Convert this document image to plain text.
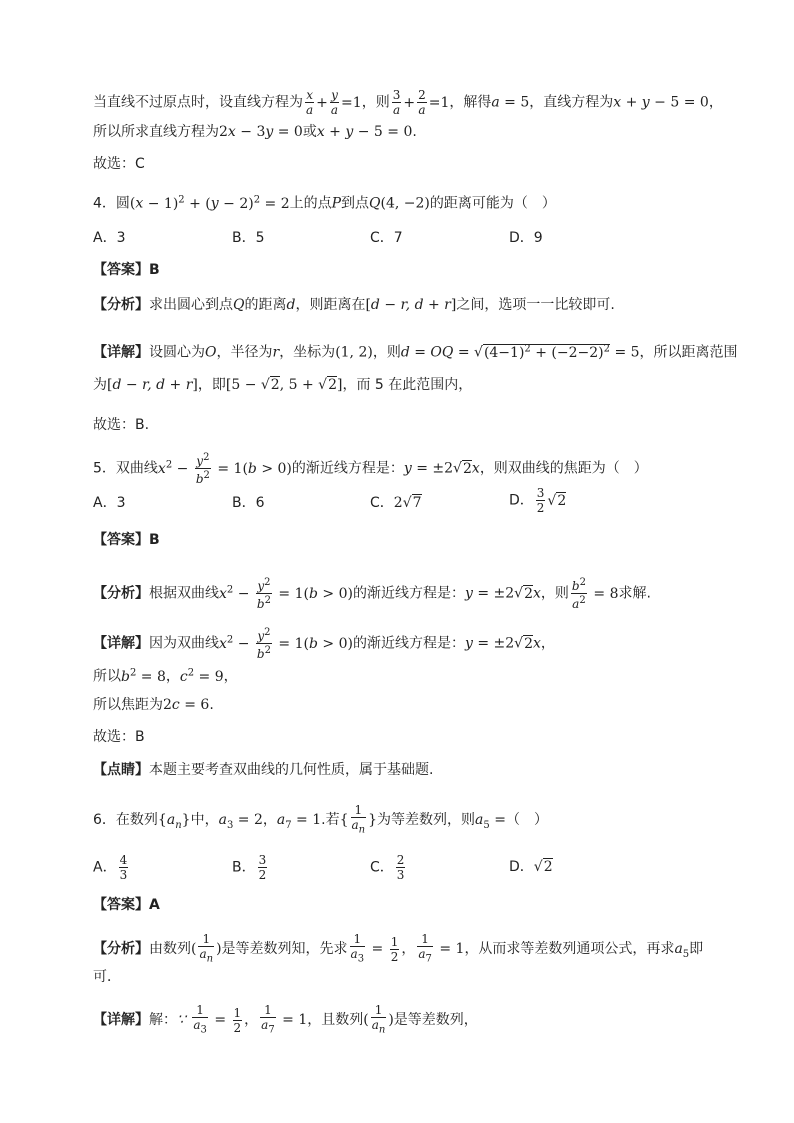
当直线不过原点时，设直线方程为 $\frac{x}{a} + \frac{y}{a} =1$，则 $\frac{3}{a} + \frac{2}{a} =1$，解得a = 5，直线方程为x + y − 5 = 0，
所以所求直线方程为2x − 3y = 0或x + y − 5 = 0.
故选：C
4．圆$(x - 1)^2 + (y - 2)^2 = 2$上的点P到点Q(4, −2)的距离可能为（　）
A．3	B．5	C．7	D．9
【答案】B
【分析】求出圆心到点Q的距离d，则距离在[d − r, d + r]之间，选项一一比较即可.
【详解】设圆心为O，半径为r，坐标为(1, 2)，则d = OQ = $√(4-1)^2 + (-2-2)^2 = 5$，所以距离范围
为[d − r, d + r]，即[5 − √2, 5 + √2]，而 5 在此范围内，
故选：B.
5．双曲线$x^2 - \frac{y^2}{b^2} = 1(b > 0)$的渐近线方程是：y = ±2√2x，则双曲线的焦距为（　）
A．3	B．6	C．2√7	D． $\frac{3}{2} √2$
【答案】B
【分析】根据双曲线$x^2 - \frac{y^2}{b^2} = 1(b > 0)$的渐近线方程是：y = ±2√2x，则 $\frac{b^2}{a^2} = 8$求解.
【详解】因为双曲线$x^2 - \frac{y^2}{b^2} = 1(b > 0)$的渐近线方程是：y = ±2√2x，
所以$b^2 = 8$，$c^2 = 9$，
所以焦距为2c = 6.
故选：B
【点睛】本题主要考查双曲线的几何性质，属于基础题.
6．在数列$\{a_n\}$中，$a_3 = 2$，$a_7 = 1$.若{ $\frac{1}{a_n}$ }为等差数列，则$a_5$ =（　）
A． $\frac{4}{3}$	B． $\frac{3}{2}$	C． $\frac{2}{3}$	D．√2
【答案】A
【分析】由数列( $\frac{1}{a_n}$ )是等差数列知，先求 $\frac{1}{a_3} = \frac{1}{2}$ ， $\frac{1}{a_7} = 1$，从而求等差数列通项公式，再求$a_5$即
可．
【详解】解：∵ $\frac{1}{a_3} = \frac{1}{2}$ ， $\frac{1}{a_7} = 1$，且数列( $\frac{1}{a_n}$ )是等差数列，
